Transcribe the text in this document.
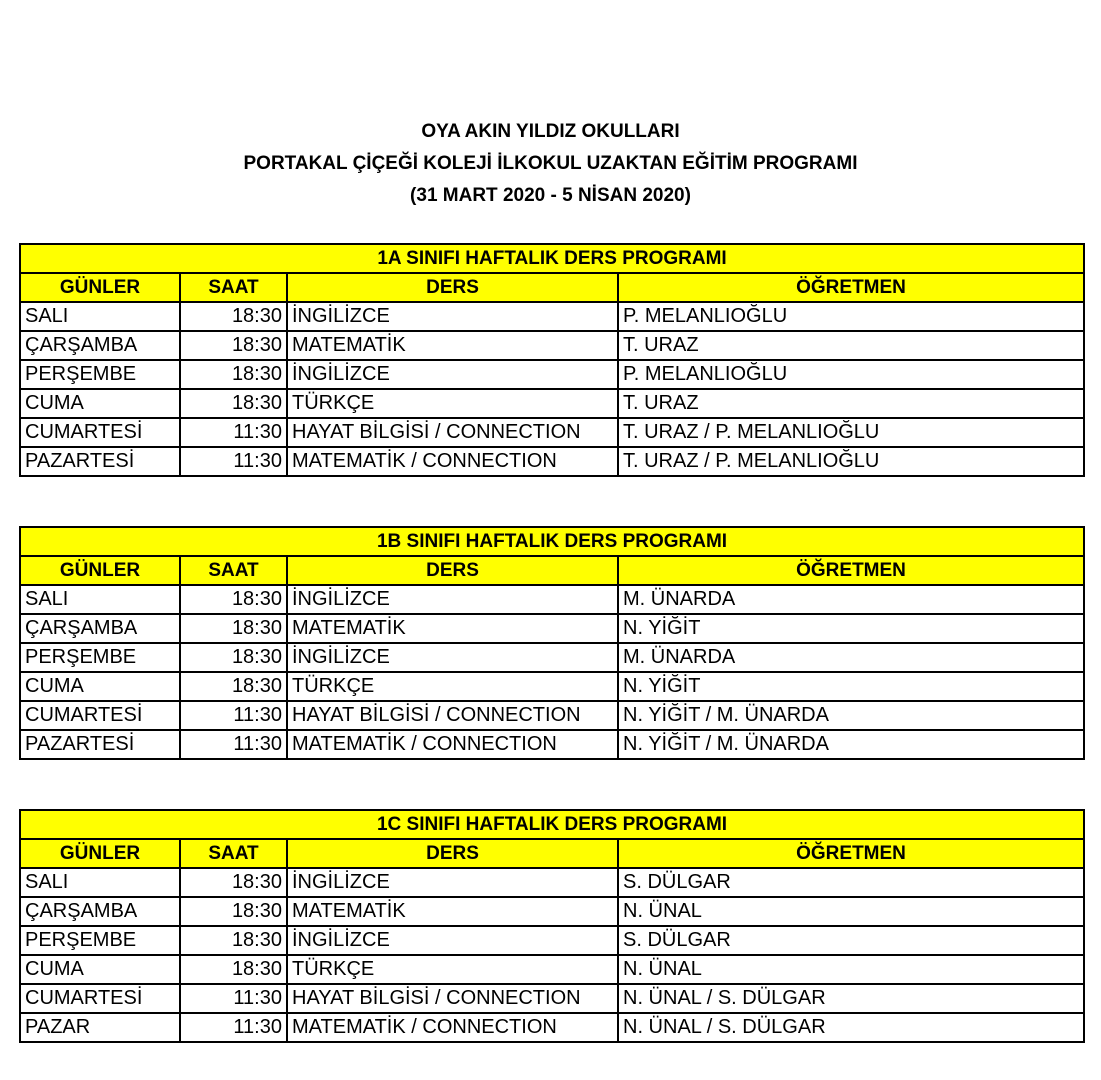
OYA AKIN YILDIZ OKULLARI
PORTAKAL ÇİÇEĞİ KOLEJİ İLKOKUL UZAKTAN EĞİTİM PROGRAMI
(31 MART 2020 - 5 NİSAN 2020)
1A SINIFI HAFTALIK DERS PROGRAMI			
GÜNLER	SAAT	DERS	ÖĞRETMEN
SALI	18:30	İNGİLİZCE	P. MELANLIOĞLU
ÇARŞAMBA	18:30	MATEMATİK	T. URAZ
PERŞEMBE	18:30	İNGİLİZCE	P. MELANLIOĞLU
CUMA	18:30	TÜRKÇE	T. URAZ
CUMARTESİ	11:30	HAYAT BİLGİSİ / CONNECTION	T. URAZ / P. MELANLIOĞLU
PAZARTESİ	11:30	MATEMATİK / CONNECTION	T. URAZ / P. MELANLIOĞLU
1B SINIFI HAFTALIK DERS PROGRAMI			
GÜNLER	SAAT	DERS	ÖĞRETMEN
SALI	18:30	İNGİLİZCE	M. ÜNARDA
ÇARŞAMBA	18:30	MATEMATİK	N. YİĞİT
PERŞEMBE	18:30	İNGİLİZCE	M. ÜNARDA
CUMA	18:30	TÜRKÇE	N. YİĞİT
CUMARTESİ	11:30	HAYAT BİLGİSİ / CONNECTION	N. YİĞİT / M. ÜNARDA
PAZARTESİ	11:30	MATEMATİK / CONNECTION	N. YİĞİT / M. ÜNARDA
1C SINIFI HAFTALIK DERS PROGRAMI			
GÜNLER	SAAT	DERS	ÖĞRETMEN
SALI	18:30	İNGİLİZCE	S. DÜLGAR
ÇARŞAMBA	18:30	MATEMATİK	N. ÜNAL
PERŞEMBE	18:30	İNGİLİZCE	S. DÜLGAR
CUMA	18:30	TÜRKÇE	N. ÜNAL
CUMARTESİ	11:30	HAYAT BİLGİSİ / CONNECTION	N. ÜNAL / S. DÜLGAR
PAZAR	11:30	MATEMATİK / CONNECTION	N. ÜNAL / S. DÜLGAR
